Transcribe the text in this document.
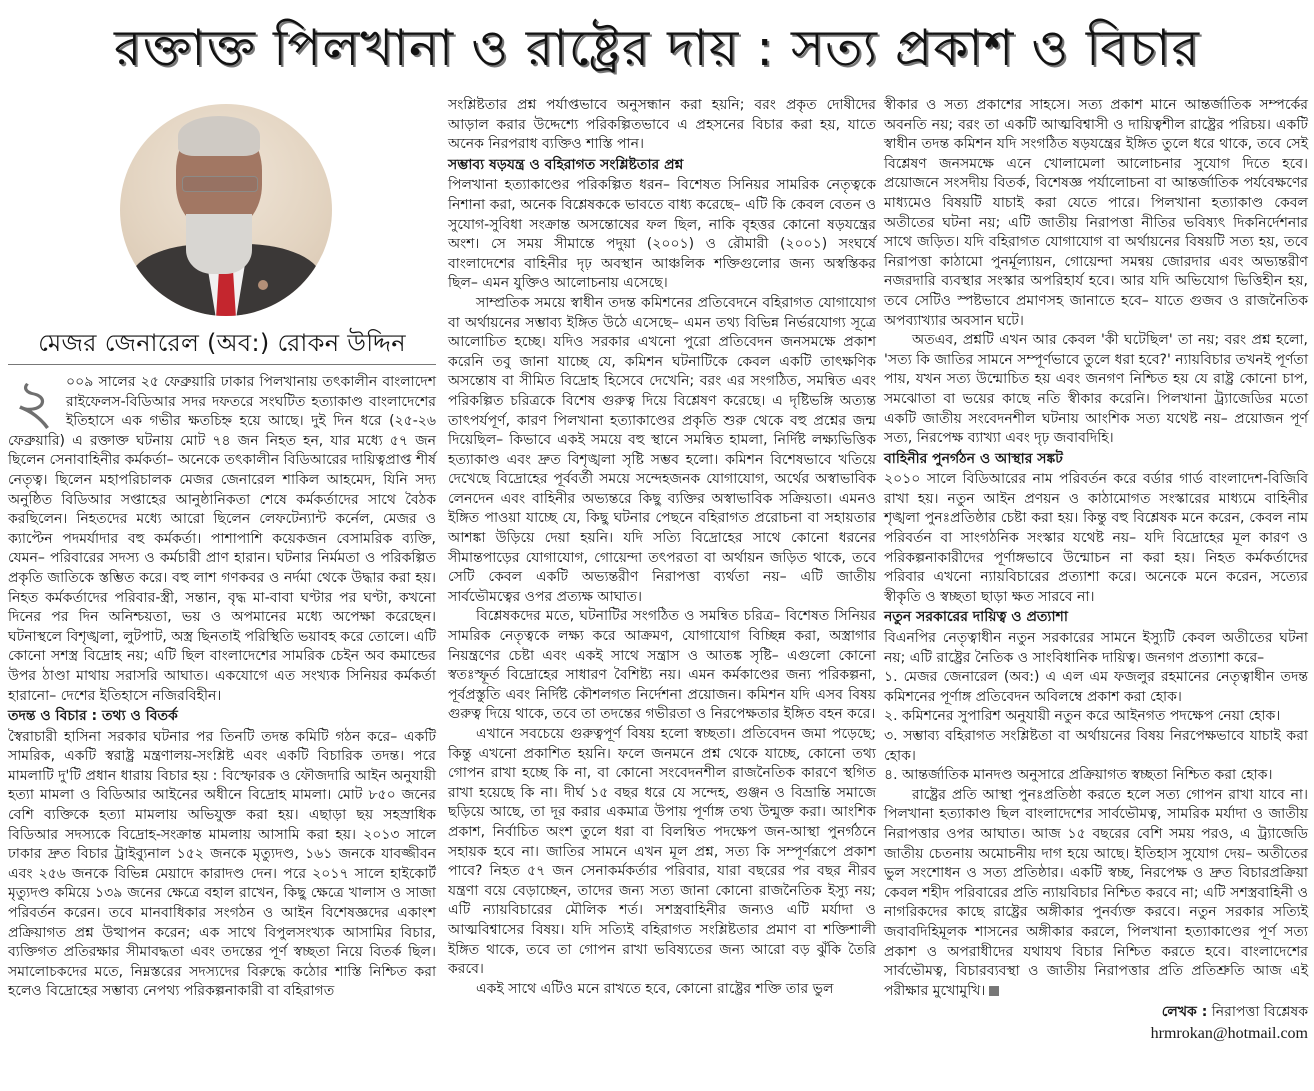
রক্তাক্ত পিলখানা ও রাষ্ট্রের দায় : সত্য প্রকাশ ও বিচার
মেজর জেনারেল (অব:) রোকন উদ্দিন
২ ০০৯ সালের ২৫ ফেব্রুয়ারি ঢাকার পিলখানায় তৎকালীন বাংলাদেশ রাইফেলস-বিডিআর সদর দফতরে সংঘটিত হত্যাকাণ্ড বাংলাদেশের ইতিহাসে এক গভীর ক্ষতচিহ্ন হয়ে আছে। দুই দিন ধরে (২৫-২৬ ফেব্রুয়ারি) এ রক্তাক্ত ঘটনায় মোট ৭৪ জন নিহত হন, যার মধ্যে ৫৭ জন ছিলেন সেনাবাহিনীর কর্মকর্তা– অনেকে তৎকালীন বিডিআরের দায়িত্বপ্রাপ্ত শীর্ষ নেতৃত্ব। ছিলেন মহাপরিচালক মেজর জেনারেল শাকিল আহমেদ, যিনি সদ্য অনুষ্ঠিত বিডিআর সপ্তাহের আনুষ্ঠানিকতা শেষে কর্মকর্তাদের সাথে বৈঠক করছিলেন। নিহতদের মধ্যে আরো ছিলেন লেফটেন্যান্ট কর্নেল, মেজর ও ক্যাপ্টেন পদমর্যাদার বহু কর্মকর্তা। পাশাপাশি কয়েকজন বেসামরিক ব্যক্তি, যেমন– পরিবারের সদস্য ও কর্মচারী প্রাণ হারান। ঘটনার নির্মমতা ও পরিকল্পিত প্রকৃতি জাতিকে স্তম্ভিত করে। বহু লাশ গণকবর ও নর্দমা থেকে উদ্ধার করা হয়। নিহত কর্মকর্তাদের পরিবার-স্ত্রী, সন্তান, বৃদ্ধ মা-বাবা ঘণ্টার পর ঘণ্টা, কখনো দিনের পর দিন অনিশ্চয়তা, ভয় ও অপমানের মধ্যে অপেক্ষা করেছেন। ঘটনাস্থলে বিশৃঙ্খলা, লুটপাট, অস্ত্র ছিনতাই পরিস্থিতি ভয়াবহ করে তোলে। এটি কোনো সশস্ত্র বিদ্রোহ নয়; এটি ছিল বাংলাদেশের সামরিক চেইন অব কমান্ডের উপর ঠাণ্ডা মাথায় সরাসরি আঘাত। একযোগে এত সংখ্যক সিনিয়র কর্মকর্তা হারানো– দেশের ইতিহাসে নজিরবিহীন।

তদন্ত ও বিচার : তথ্য ও বিতর্ক

স্বৈরাচারী হাসিনা সরকার ঘটনার পর তিনটি তদন্ত কমিটি গঠন করে– একটি সামরিক, একটি স্বরাষ্ট্র মন্ত্রণালয়-সংশ্লিষ্ট এবং একটি বিচারিক তদন্ত। পরে মামলাটি দু'টি প্রধান ধারায় বিচার হয় : বিস্ফোরক ও ফৌজদারি আইন অনুযায়ী হত্যা মামলা ও বিডিআর আইনের অধীনে বিদ্রোহ মামলা। মোট ৮৫০ জনের বেশি ব্যক্তিকে হত্যা মামলায় অভিযুক্ত করা হয়। এছাড়া ছয় সহস্রাধিক বিডিআর সদস্যকে বিদ্রোহ-সংক্রান্ত মামলায় আসামি করা হয়। ২০১৩ সালে ঢাকার দ্রুত বিচার ট্রাইব্যুনাল ১৫২ জনকে মৃত্যুদণ্ড, ১৬১ জনকে যাবজ্জীবন এবং ২৫৬ জনকে বিভিন্ন মেয়াদে কারাদণ্ড দেন। পরে ২০১৭ সালে হাইকোর্ট মৃত্যুদণ্ড কমিয়ে ১৩৯ জনের ক্ষেত্রে বহাল রাখেন, কিছু ক্ষেত্রে খালাস ও সাজা পরিবর্তন করেন। তবে মানবাধিকার সংগঠন ও আইন বিশেষজ্ঞদের একাংশ প্রক্রিয়াগত প্রশ্ন উত্থাপন করেন; এক সাথে বিপুলসংখ্যক আসামির বিচার, ব্যক্তিগত প্রতিরক্ষার সীমাবদ্ধতা এবং তদন্তের পূর্ণ স্বচ্ছতা নিয়ে বিতর্ক ছিল। সমালোচকদের মতে, নিম্নস্তরের সদস্যদের বিরুদ্ধে কঠোর শাস্তি নিশ্চিত করা হলেও বিদ্রোহের সম্ভাব্য নেপথ্য পরিকল্পনাকারী বা বহিরাগত

সংশ্লিষ্টতার প্রশ্ন পর্যাপ্তভাবে অনুসন্ধান করা হয়নি; বরং প্রকৃত দোষীদের আড়াল করার উদ্দেশ্যে পরিকল্পিতভাবে এ প্রহসনের বিচার করা হয়, যাতে অনেক নিরপরাধ ব্যক্তিও শাস্তি পান।

সম্ভাব্য ষড়যন্ত্র ও বহিরাগত সংশ্লিষ্টতার প্রশ্ন

পিলখানা হত্যাকাণ্ডের পরিকল্পিত ধরন– বিশেষত সিনিয়র সামরিক নেতৃত্বকে নিশানা করা, অনেক বিশ্লেষককে ভাবতে বাধ্য করেছে– এটি কি কেবল বেতন ও সুযোগ-সুবিধা সংক্রান্ত অসন্তোষের ফল ছিল, নাকি বৃহত্তর কোনো ষড়যন্ত্রের অংশ। সে সময় সীমান্তে পদুয়া (২০০১) ও রৌমারী (২০০১) সংঘর্ষে বাংলাদেশের বাহিনীর দৃঢ় অবস্থান আঞ্চলিক শক্তিগুলোর জন্য অস্বস্তিকর ছিল– এমন যুক্তিও আলোচনায় এসেছে।

সাম্প্রতিক সময়ে স্বাধীন তদন্ত কমিশনের প্রতিবেদনে বহিরাগত যোগাযোগ বা অর্থায়নের সম্ভাব্য ইঙ্গিত উঠে এসেছে– এমন তথ্য বিভিন্ন নির্ভরযোগ্য সূত্রে আলোচিত হচ্ছে। যদিও সরকার এখনো পুরো প্রতিবেদন জনসমক্ষে প্রকাশ করেনি তবু জানা যাচ্ছে যে, কমিশন ঘটনাটিকে কেবল একটি তাৎক্ষণিক অসন্তোষ বা সীমিত বিদ্রোহ হিসেবে দেখেনি; বরং এর সংগঠিত, সমন্বিত এবং পরিকল্পিত চরিত্রকে বিশেষ গুরুত্ব দিয়ে বিশ্লেষণ করেছে। এ দৃষ্টিভঙ্গি অত্যন্ত তাৎপর্যপূর্ণ, কারণ পিলখানা হত্যাকাণ্ডের প্রকৃতি শুরু থেকে বহু প্রশ্নের জন্ম দিয়েছিল– কিভাবে একই সময়ে বহু স্থানে সমন্বিত হামলা, নির্দিষ্ট লক্ষ্যভিত্তিক হত্যাকাণ্ড এবং দ্রুত বিশৃঙ্খলা সৃষ্টি সম্ভব হলো। কমিশন বিশেষভাবে খতিয়ে দেখেছে বিদ্রোহের পূর্ববর্তী সময়ে সন্দেহজনক যোগাযোগ, অর্থের অস্বাভাবিক লেনদেন এবং বাহিনীর অভ্যন্তরে কিছু ব্যক্তির অস্বাভাবিক সক্রিয়তা। এমনও ইঙ্গিত পাওয়া যাচ্ছে যে, কিছু ঘটনার পেছনে বহিরাগত প্ররোচনা বা সহায়তার আশঙ্কা উড়িয়ে দেয়া হয়নি। যদি সত্যি বিদ্রোহের সাথে কোনো ধরনের সীমান্তপাড়ের যোগাযোগ, গোয়েন্দা তৎপরতা বা অর্থায়ন জড়িত থাকে, তবে সেটি কেবল একটি অভ্যন্তরীণ নিরাপত্তা ব্যর্থতা নয়– এটি জাতীয় সার্বভৌমত্বের ওপর প্রত্যক্ষ আঘাত।

বিশ্লেষকদের মতে, ঘটনাটির সংগঠিত ও সমন্বিত চরিত্র– বিশেষত সিনিয়র সামরিক নেতৃত্বকে লক্ষ্য করে আক্রমণ, যোগাযোগ বিচ্ছিন্ন করা, অস্ত্রাগার নিয়ন্ত্রণের চেষ্টা এবং একই সাথে সন্ত্রাস ও আতঙ্ক সৃষ্টি– এগুলো কোনো স্বতঃস্ফূর্ত বিদ্রোহের সাধারণ বৈশিষ্ট্য নয়। এমন কর্মকাণ্ডের জন্য পরিকল্পনা, পূর্বপ্রস্তুতি এবং নির্দিষ্ট কৌশলগত নির্দেশনা প্রয়োজন। কমিশন যদি এসব বিষয় গুরুত্ব দিয়ে থাকে, তবে তা তদন্তের গভীরতা ও নিরপেক্ষতার ইঙ্গিত বহন করে।

এখানে সবচেয়ে গুরুত্বপূর্ণ বিষয় হলো স্বচ্ছতা। প্রতিবেদন জমা পড়েছে; কিন্তু এখনো প্রকাশিত হয়নি। ফলে জনমনে প্রশ্ন থেকে যাচ্ছে, কোনো তথ্য গোপন রাখা হচ্ছে কি না, বা কোনো সংবেদনশীল রাজনৈতিক কারণে স্থগিত রাখা হয়েছে কি না। দীর্ঘ ১৫ বছর ধরে যে সন্দেহ, গুঞ্জন ও বিভ্রান্তি সমাজে ছড়িয়ে আছে, তা দূর করার একমাত্র উপায় পূর্ণাঙ্গ তথ্য উন্মুক্ত করা। আংশিক প্রকাশ, নির্বাচিত অংশ তুলে ধরা বা বিলম্বিত পদক্ষেপ জন-আস্থা পুনর্গঠনে সহায়ক হবে না। জাতির সামনে এখন মূল প্রশ্ন, সত্য কি সম্পূর্ণরূপে প্রকাশ পাবে? নিহত ৫৭ জন সেনাকর্মকর্তার পরিবার, যারা বছরের পর বছর নীরব যন্ত্রণা বয়ে বেড়াচ্ছেন, তাদের জন্য সত্য জানা কোনো রাজনৈতিক ইস্যু নয়; এটি ন্যায়বিচারের মৌলিক শর্ত। সশস্ত্রবাহিনীর জন্যও এটি মর্যাদা ও আত্মবিশ্বাসের বিষয়। যদি সত্যিই বহিরাগত সংশ্লিষ্টতার প্রমাণ বা শক্তিশালী ইঙ্গিত থাকে, তবে তা গোপন রাখা ভবিষ্যতের জন্য আরো বড় ঝুঁকি তৈরি করবে।

একই সাথে এটিও মনে রাখতে হবে, কোনো রাষ্ট্রের শক্তি তার ভুল

স্বীকার ও সত্য প্রকাশের সাহসে। সত্য প্রকাশ মানে আন্তর্জাতিক সম্পর্কের অবনতি নয়; বরং তা একটি আত্মবিশ্বাসী ও দায়িত্বশীল রাষ্ট্রের পরিচয়। একটি স্বাধীন তদন্ত কমিশন যদি সংগঠিত ষড়যন্ত্রের ইঙ্গিত তুলে ধরে থাকে, তবে সেই বিশ্লেষণ জনসমক্ষে এনে খোলামেলা আলোচনার সুযোগ দিতে হবে। প্রয়োজনে সংসদীয় বিতর্ক, বিশেষজ্ঞ পর্যালোচনা বা আন্তর্জাতিক পর্যবেক্ষণের মাধ্যমেও বিষয়টি যাচাই করা যেতে পারে। পিলখানা হত্যাকাণ্ড কেবল অতীতের ঘটনা নয়; এটি জাতীয় নিরাপত্তা নীতির ভবিষ্যৎ দিকনির্দেশনার সাথে জড়িত। যদি বহিরাগত যোগাযোগ বা অর্থায়নের বিষয়টি সত্য হয়, তবে নিরাপত্তা কাঠামো পুনর্মূল্যায়ন, গোয়েন্দা সমন্বয় জোরদার এবং অভ্যন্তরীণ নজরদারি ব্যবস্থার সংস্কার অপরিহার্য হবে। আর যদি অভিযোগ ভিত্তিহীন হয়, তবে সেটিও স্পষ্টভাবে প্রমাণসহ জানাতে হবে– যাতে গুজব ও রাজনৈতিক অপব্যাখ্যার অবসান ঘটে।

অতএব, প্রশ্নটি এখন আর কেবল 'কী ঘটেছিল' তা নয়; বরং প্রশ্ন হলো, 'সত্য কি জাতির সামনে সম্পূর্ণভাবে তুলে ধরা হবে?' ন্যায়বিচার তখনই পূর্ণতা পায়, যখন সত্য উন্মোচিত হয় এবং জনগণ নিশ্চিত হয় যে রাষ্ট্র কোনো চাপ, সমঝোতা বা ভয়ের কাছে নতি স্বীকার করেনি। পিলখানা ট্র্যাজেডির মতো একটি জাতীয় সংবেদনশীল ঘটনায় আংশিক সত্য যথেষ্ট নয়– প্রয়োজন পূর্ণ সত্য, নিরপেক্ষ ব্যাখ্যা এবং দৃঢ় জবাবদিহি।

বাহিনীর পুনর্গঠন ও আস্থার সঙ্কট

২০১০ সালে বিডিআরের নাম পরিবর্তন করে বর্ডার গার্ড বাংলাদেশ-বিজিবি রাখা হয়। নতুন আইন প্রণয়ন ও কাঠামোগত সংস্কারের মাধ্যমে বাহিনীর শৃঙ্খলা পুনঃপ্রতিষ্ঠার চেষ্টা করা হয়। কিন্তু বহু বিশ্লেষক মনে করেন, কেবল নাম পরিবর্তন বা সাংগঠনিক সংস্কার যথেষ্ট নয়– যদি বিদ্রোহের মূল কারণ ও পরিকল্পনাকারীদের পূর্ণাঙ্গভাবে উন্মোচন না করা হয়। নিহত কর্মকর্তাদের পরিবার এখনো ন্যায়বিচারের প্রত্যাশা করে। অনেকে মনে করেন, সত্যের স্বীকৃতি ও স্বচ্ছতা ছাড়া ক্ষত সারবে না।

নতুন সরকারের দায়িত্ব ও প্রত্যাশা

বিএনপির নেতৃত্বাধীন নতুন সরকারের সামনে ইস্যুটি কেবল অতীতের ঘটনা নয়; এটি রাষ্ট্রের নৈতিক ও সাংবিধানিক দায়িত্ব। জনগণ প্রত্যাশা করে–

১. মেজর জেনারেল (অব:) এ এল এম ফজলুর রহমানের নেতৃত্বাধীন তদন্ত কমিশনের পূর্ণাঙ্গ প্রতিবেদন অবিলম্বে প্রকাশ করা হোক।
২. কমিশনের সুপারিশ অনুযায়ী নতুন করে আইনগত পদক্ষেপ নেয়া হোক।
৩. সম্ভাব্য বহিরাগত সংশ্লিষ্টতা বা অর্থায়নের বিষয় নিরপেক্ষভাবে যাচাই করা হোক।
৪. আন্তর্জাতিক মানদণ্ড অনুসারে প্রক্রিয়াগত স্বচ্ছতা নিশ্চিত করা হোক।

রাষ্ট্রের প্রতি আস্থা পুনঃপ্রতিষ্ঠা করতে হলে সত্য গোপন রাখা যাবে না। পিলখানা হত্যাকাণ্ড ছিল বাংলাদেশের সার্বভৌমত্ব, সামরিক মর্যাদা ও জাতীয় নিরাপত্তার ওপর আঘাত। আজ ১৫ বছরের বেশি সময় পরও, এ ট্র্যাজেডি জাতীয় চেতনায় অমোচনীয় দাগ হয়ে আছে। ইতিহাস সুযোগ দেয়– অতীতের ভুল সংশোধন ও সত্য প্রতিষ্ঠার। একটি স্বচ্ছ, নিরপেক্ষ ও দ্রুত বিচারপ্রক্রিয়া কেবল শহীদ পরিবারের প্রতি ন্যায়বিচার নিশ্চিত করবে না; এটি সশস্ত্রবাহিনী ও নাগরিকদের কাছে রাষ্ট্রের অঙ্গীকার পুনর্ব্যক্ত করবে। নতুন সরকার সত্যিই জবাবদিহিমূলক শাসনের অঙ্গীকার করলে, পিলখানা হত্যাকাণ্ডের পূর্ণ সত্য প্রকাশ ও অপরাধীদের যথাযথ বিচার নিশ্চিত করতে হবে। বাংলাদেশের সার্বভৌমত্ব, বিচারব্যবস্থা ও জাতীয় নিরাপত্তার প্রতি প্রতিশ্রুতি আজ এই পরীক্ষার মুখোমুখি।

লেখক : নিরাপত্তা বিশ্লেষক

hrmrokan@hotmail.com
